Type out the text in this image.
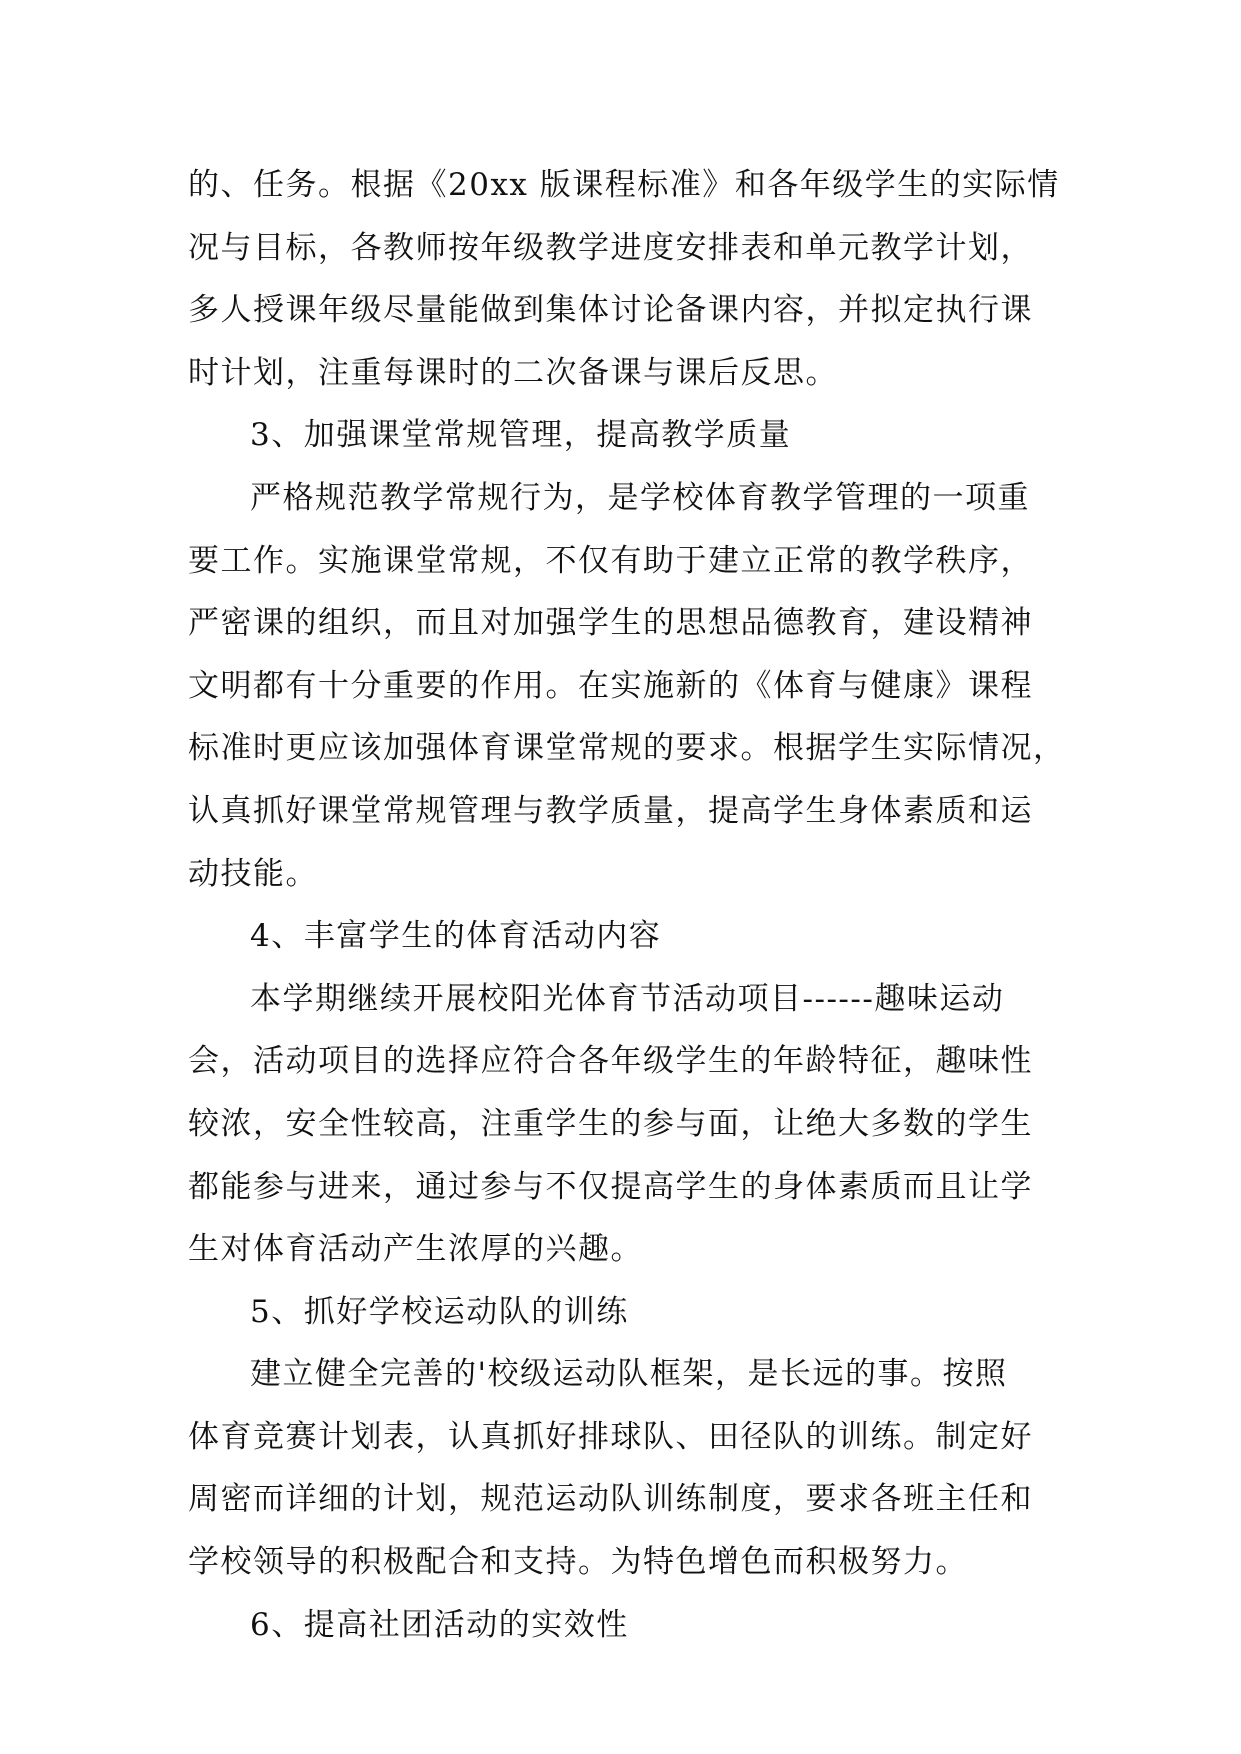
的、任务。根据《20xx 版课程标准》和各年级学生的实际情
况与目标，各教师按年级教学进度安排表和单元教学计划，
多人授课年级尽量能做到集体讨论备课内容，并拟定执行课
时计划，注重每课时的二次备课与课后反思。
3、加强课堂常规管理，提高教学质量
严格规范教学常规行为，是学校体育教学管理的一项重
要工作。实施课堂常规，不仅有助于建立正常的教学秩序，
严密课的组织，而且对加强学生的思想品德教育，建设精神
文明都有十分重要的作用。在实施新的《体育与健康》课程
标准时更应该加强体育课堂常规的要求。根据学生实际情况，
认真抓好课堂常规管理与教学质量，提高学生身体素质和运
动技能。
4、丰富学生的体育活动内容
本学期继续开展校阳光体育节活动项目------趣味运动
会，活动项目的选择应符合各年级学生的年龄特征，趣味性
较浓，安全性较高，注重学生的参与面，让绝大多数的学生
都能参与进来，通过参与不仅提高学生的身体素质而且让学
生对体育活动产生浓厚的兴趣。
5、抓好学校运动队的训练
建立健全完善的'校级运动队框架，是长远的事。按照
体育竞赛计划表，认真抓好排球队、田径队的训练。制定好
周密而详细的计划，规范运动队训练制度，要求各班主任和
学校领导的积极配合和支持。为特色增色而积极努力。
6、提高社团活动的实效性
